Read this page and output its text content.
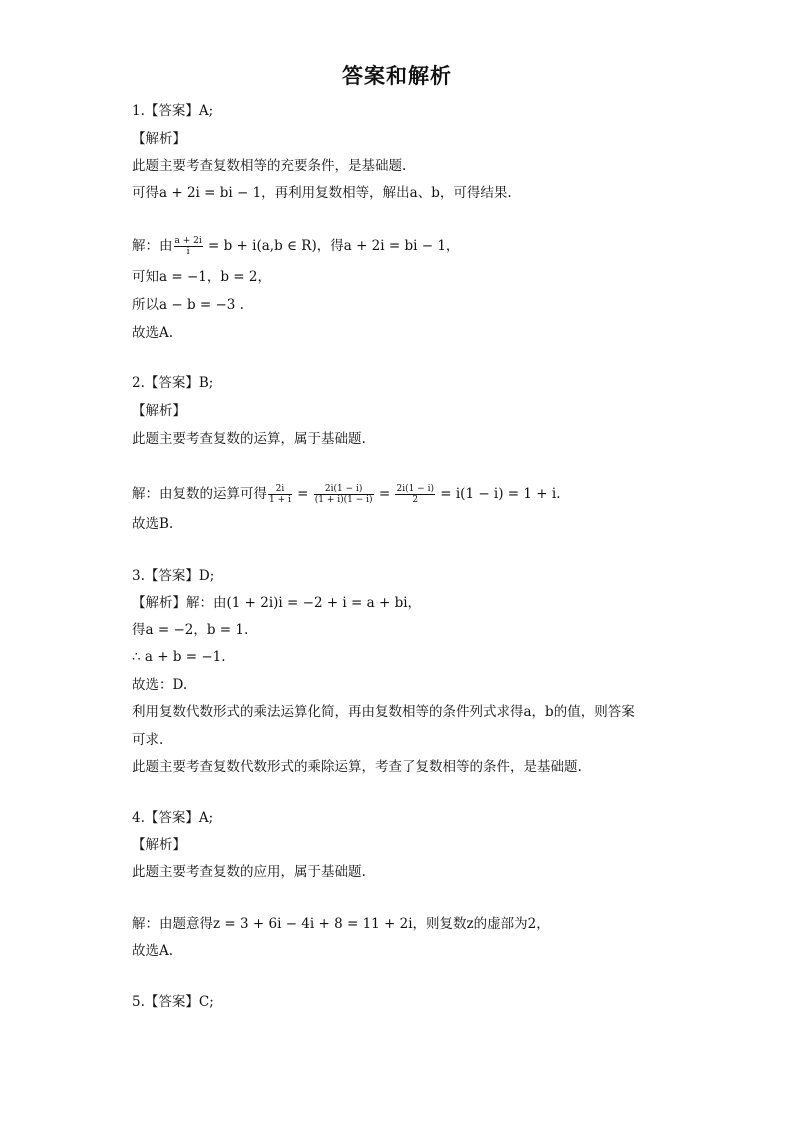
答案和解析
1.【答案】A;
【解析】
此题主要考查复数相等的充要条件，是基础题.
可得a + 2i = bi − 1，再利用复数相等，解出a、b，可得结果.
解：由 $\frac{a + 2i}{i} = b + i(a,b$ ∈ R)，得a + 2i = bi − 1，
可知a = −1，b = 2，
所以a − b = −3 .
故选A.
2.【答案】B;
【解析】
此题主要考查复数的运算，属于基础题.
解：由复数的运算可得 $\frac{2i}{1 + i} = \frac{2i(1 - i)}{(1 + i)(1 - i)} = \frac{2i(1 - i)}{2} = i(1 - i) = 1 + i$.
故选B.
3.【答案】D;
【解析】解：由(1 + 2i)i = −2 + i = a + bi，
得a = −2，b = 1.
∴ a + b = −1.
故选：D.
利用复数代数形式的乘法运算化简，再由复数相等的条件列式求得a，b的值，则答案
可求.
此题主要考查复数代数形式的乘除运算，考查了复数相等的条件，是基础题.
4.【答案】A;
【解析】
此题主要考查复数的应用，属于基础题.
解：由题意得z = 3 + 6i − 4i + 8 = 11 + 2i，则复数z的虚部为2，
故选A.
5.【答案】C;
